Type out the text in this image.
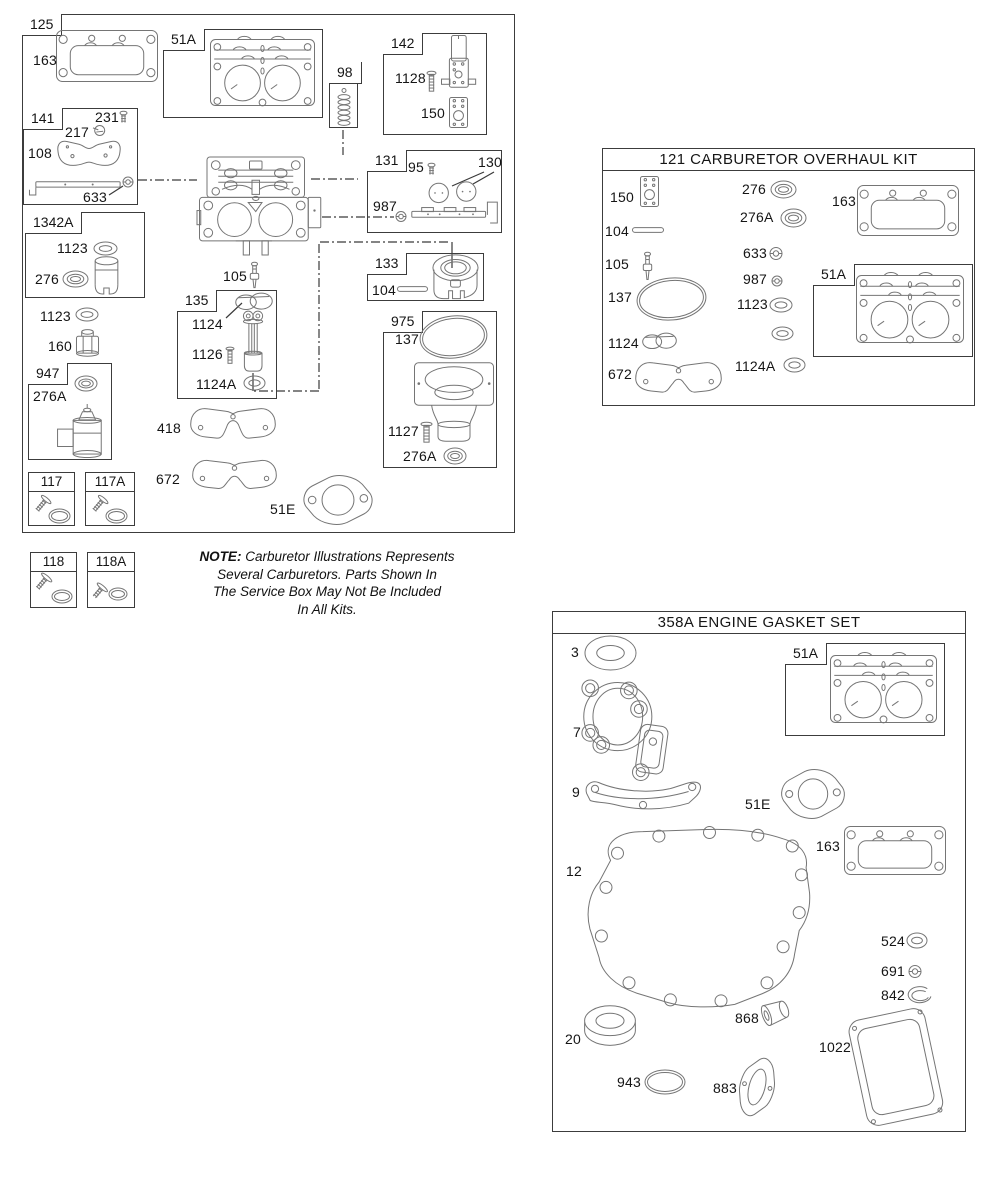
NOTE: Carburetor Illustrations Represents
Several Carburetors. Parts Shown In
The Service Box May Not Be Included
In All Kits.
125
51A
98
142
141
131
1342A
133
135
975
947
117	117A
118	118A
121 CARBURETOR OVERHAUL KIT
51A
358A ENGINE GASKET SET
51A
163
1128
150
231
217
108
633
95	130
987
1123
276
104
1123
105
160
1124
137
1126
276A
1124A
418	1127
276A
672
51E
150
104
105
137
1124
672
276
276A
633
987
1123
1124A
163
3
7
9
51E
163
12
524
691
842
868
20
943	883
1022
